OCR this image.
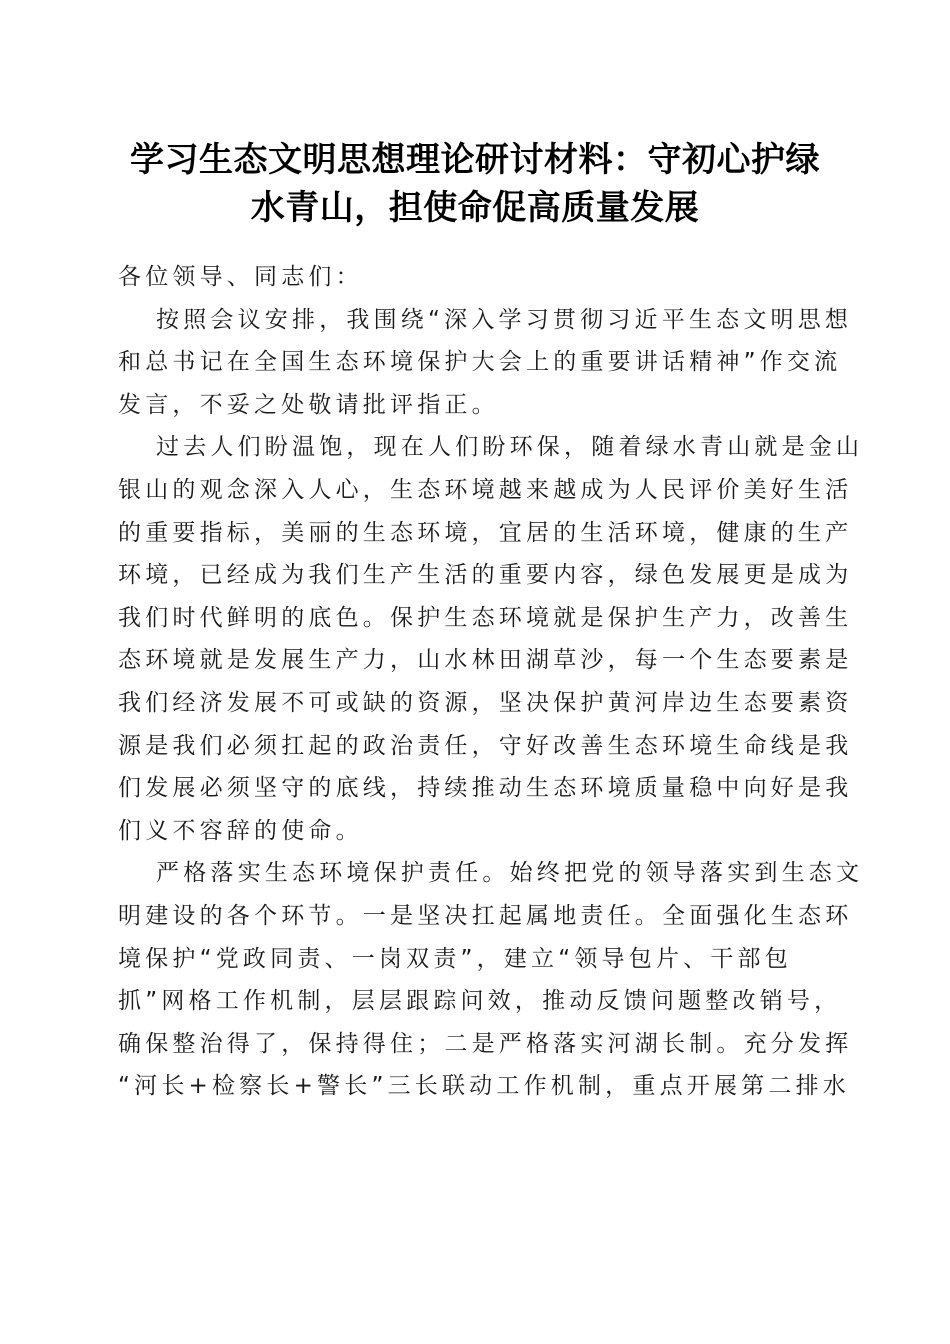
学习生态文明思想理论研讨材料：守初心护绿
水青山，担使命促高质量发展
各位领导、同志们：
按照会议安排，我围绕“深入学习贯彻习近平生态文明思想
和总书记在全国生态环境保护大会上的重要讲话精神”作交流
发言，不妥之处敬请批评指正。
过去人们盼温饱，现在人们盼环保，随着绿水青山就是金山
银山的观念深入人心，生态环境越来越成为人民评价美好生活
的重要指标，美丽的生态环境，宜居的生活环境，健康的生产
环境，已经成为我们生产生活的重要内容，绿色发展更是成为
我们时代鲜明的底色。保护生态环境就是保护生产力，改善生
态环境就是发展生产力，山水林田湖草沙，每一个生态要素是
我们经济发展不可或缺的资源，坚决保护黄河岸边生态要素资
源是我们必须扛起的政治责任，守好改善生态环境生命线是我
们发展必须坚守的底线，持续推动生态环境质量稳中向好是我
们义不容辞的使命。
严格落实生态环境保护责任。始终把党的领导落实到生态文
明建设的各个环节。一是坚决扛起属地责任。全面强化生态环
境保护“党政同责、一岗双责”，建立“领导包片、干部包
抓”网格工作机制，层层跟踪问效，推动反馈问题整改销号，
确保整治得了，保持得住；二是严格落实河湖长制。充分发挥
“河长+检察长+警长”三长联动工作机制，重点开展第二排水
